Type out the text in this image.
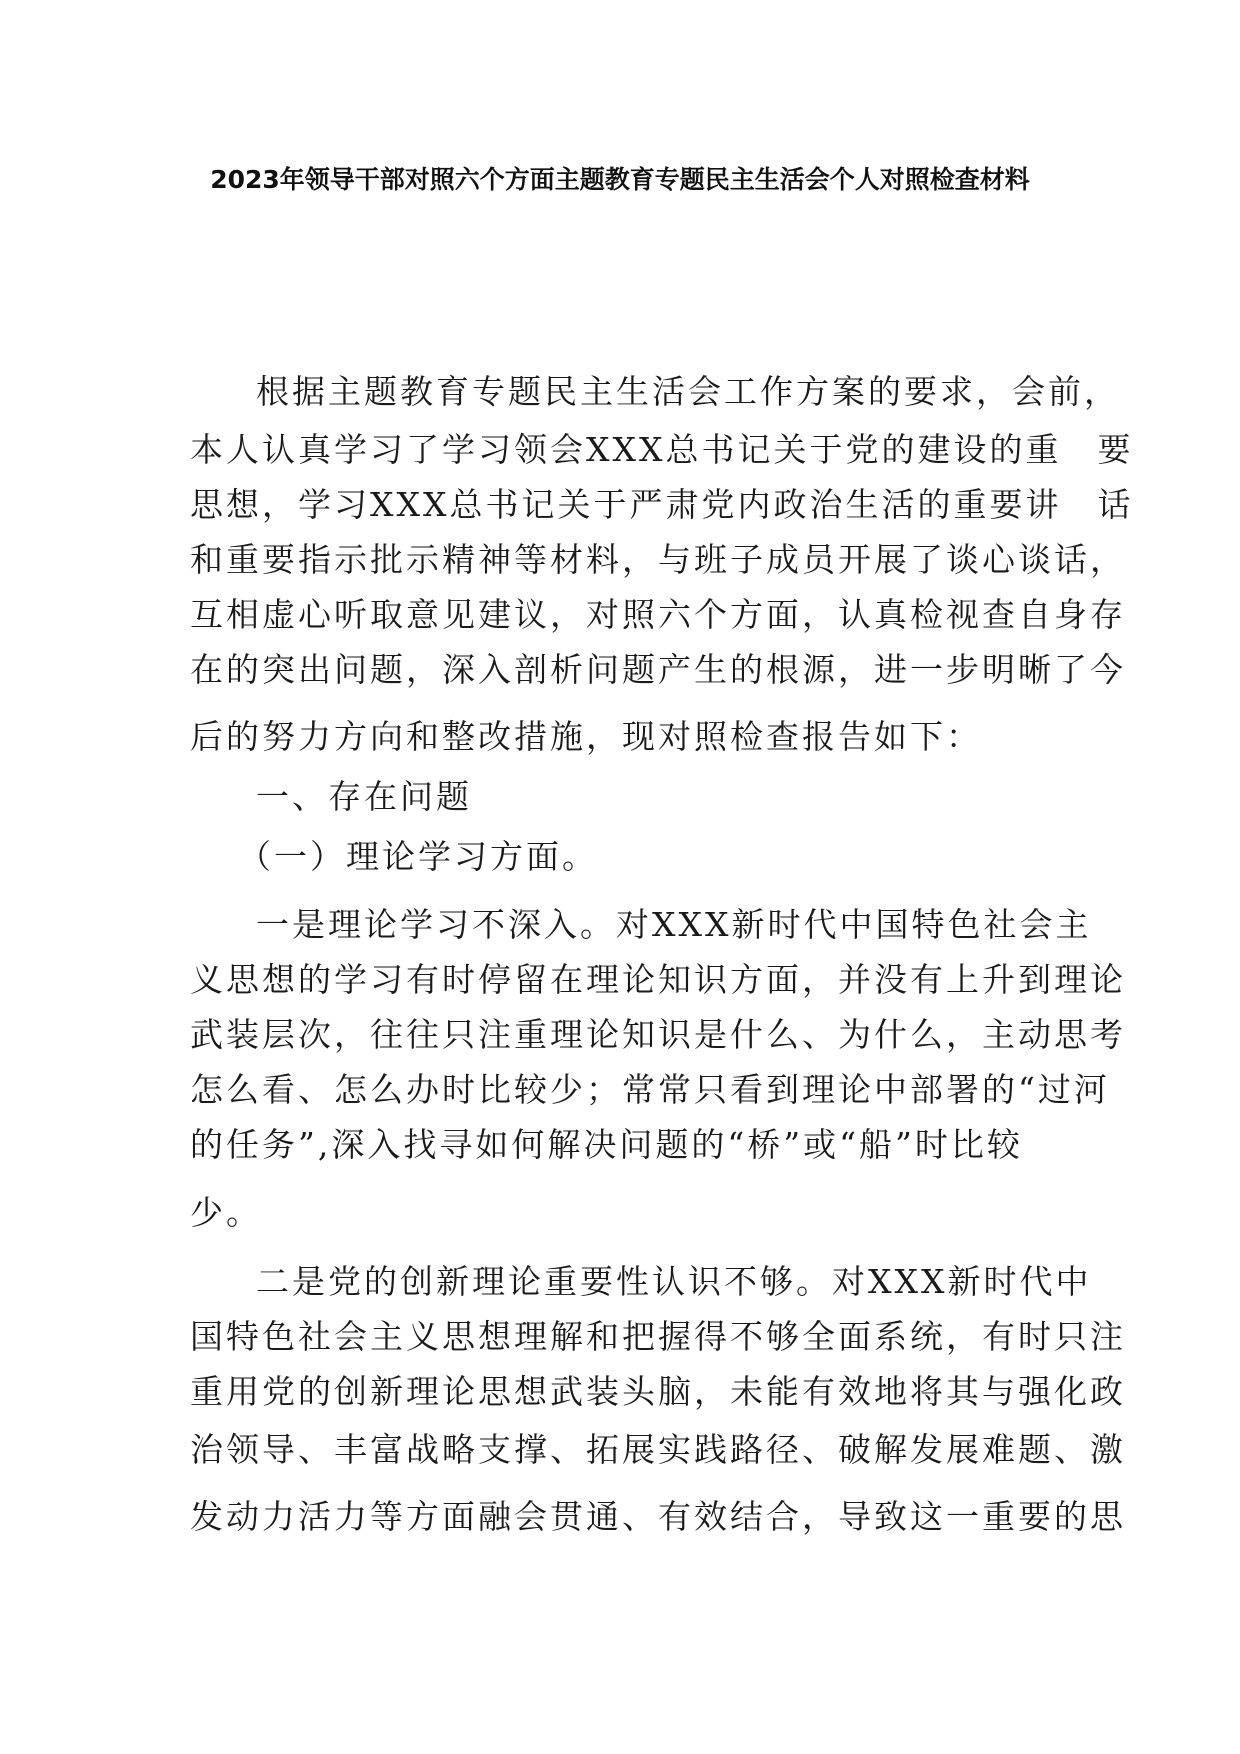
2023年领导干部对照六个方面主题教育专题民主生活会个人对照检查材料
根据主题教育专题民主生活会工作方案的要求，会前，
本人认真学习了学习领会XXX总书记关于党的建设的重　要
思想，学习XXX总书记关于严肃党内政治生活的重要讲　话
和重要指示批示精神等材料，与班子成员开展了谈心谈话，
互相虚心听取意见建议，对照六个方面，认真检视查自身存
在的突出问题，深入剖析问题产生的根源，进一步明晰了今
后的努力方向和整改措施，现对照检查报告如下：
一、存在问题
（一）理论学习方面。
一是理论学习不深入。对XXX新时代中国特色社会主
义思想的学习有时停留在理论知识方面，并没有上升到理论
武装层次，往往只注重理论知识是什么、为什么，主动思考
怎么看、怎么办时比较少；常常只看到理论中部署的“过河
的任务”,深入找寻如何解决问题的“桥”或“船”时比较
少。
二是党的创新理论重要性认识不够。对XXX新时代中
国特色社会主义思想理解和把握得不够全面系统，有时只注
重用党的创新理论思想武装头脑，未能有效地将其与强化政
治领导、丰富战略支撑、拓展实践路径、破解发展难题、激
发动力活力等方面融会贯通、有效结合，导致这一重要的思
